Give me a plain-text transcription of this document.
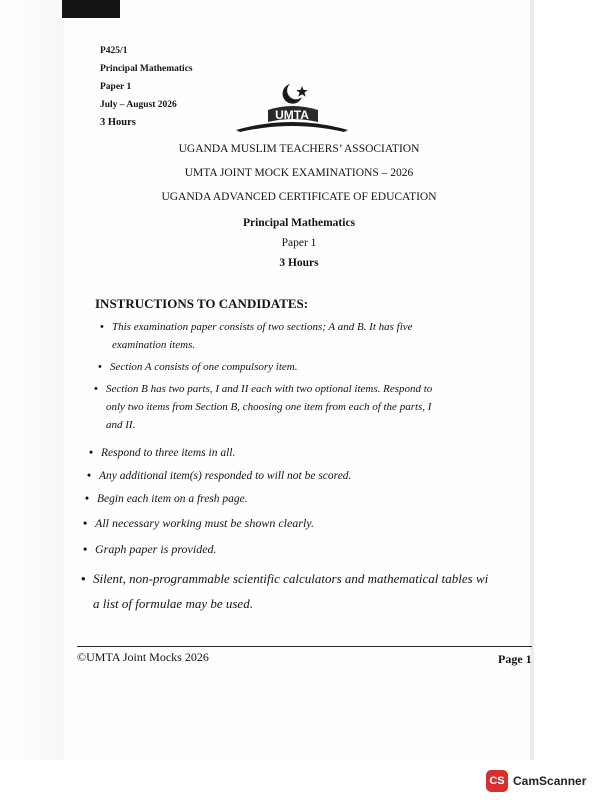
P425/1
Principal Mathematics
Paper 1
July – August 2026
3 Hours
UMTA
UGANDA MUSLIM TEACHERS’ ASSOCIATION
UMTA JOINT MOCK EXAMINATIONS – 2026
UGANDA ADVANCED CERTIFICATE OF EDUCATION
Principal Mathematics
Paper 1
3 Hours
INSTRUCTIONS TO CANDIDATES:
• This examination paper consists of two sections; A and B. It has five
examination items.
• Section A consists of one compulsory item.
• Section B has two parts, I and II each with two optional items. Respond to
only two items from Section B, choosing one item from each of the parts, I
and II.
• Respond to three items in all.
• Any additional item(s) responded to will not be scored.
• Begin each item on a fresh page.
• All necessary working must be shown clearly.
• Graph paper is provided.
• Silent, non-programmable scientific calculators and mathematical tables wi
a list of formulae may be used.
©UMTA Joint Mocks 2026	Page 1
CS CamScanner
